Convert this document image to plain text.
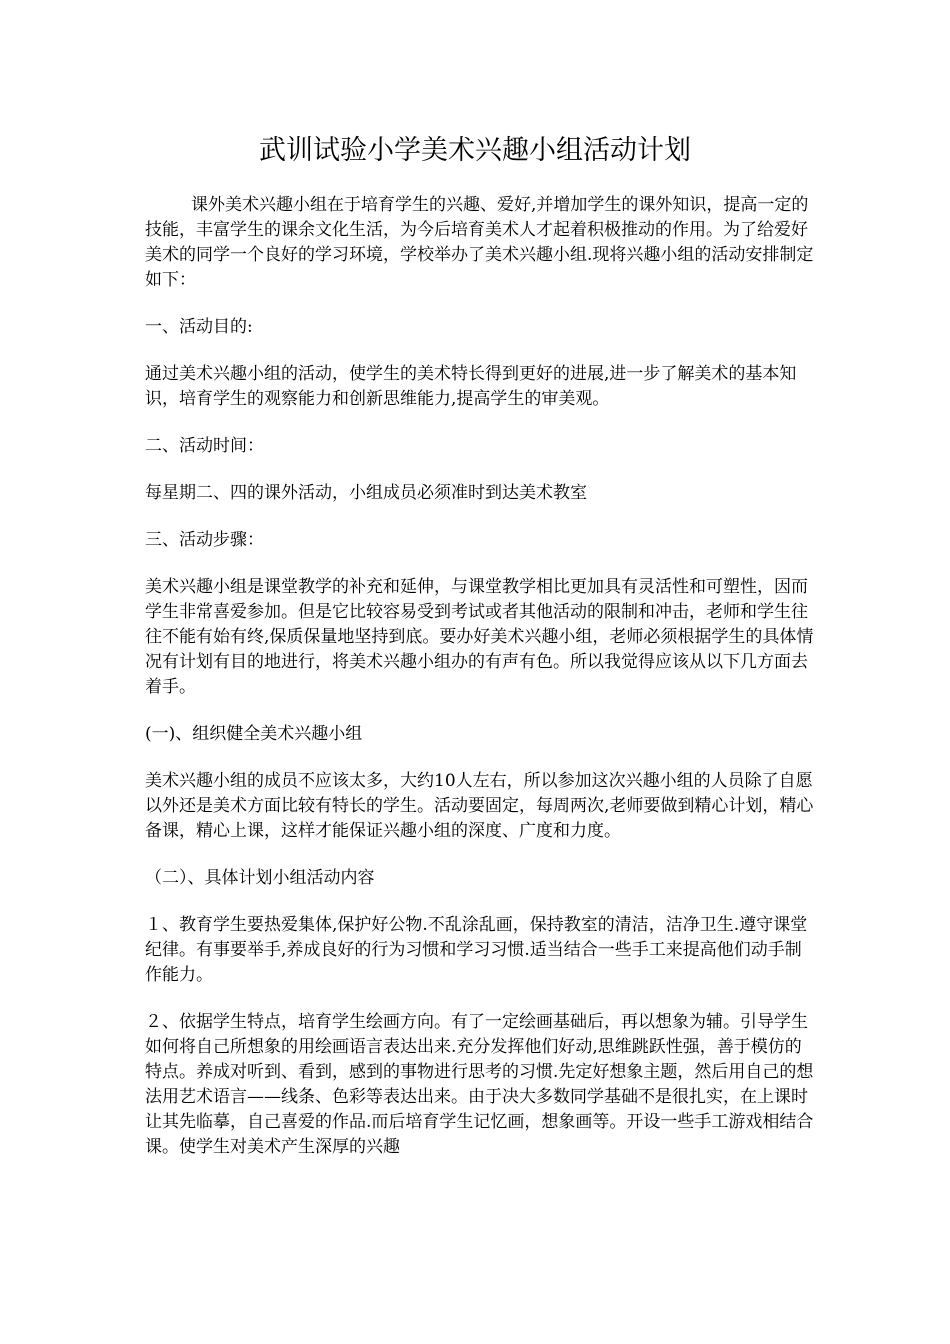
武训试验小学美术兴趣小组活动计划

课外美术兴趣小组在于培育学生的兴趣、爱好,并增加学生的课外知识，提高一定的技能，丰富学生的课余文化生活，为今后培育美术人才起着积极推动的作用。为了给爱好美术的同学一个良好的学习环境，学校举办了美术兴趣小组.现将兴趣小组的活动安排制定如下：

一、活动目的:

通过美术兴趣小组的活动，使学生的美术特长得到更好的进展,进一步了解美术的基本知识，培育学生的观察能力和创新思维能力,提高学生的审美观。

二、活动时间：

每星期二、四的课外活动，小组成员必须准时到达美术教室

三、活动步骤：

美术兴趣小组是课堂教学的补充和延伸，与课堂教学相比更加具有灵活性和可塑性，因而学生非常喜爱参加。但是它比较容易受到考试或者其他活动的限制和冲击，老师和学生往往不能有始有终,保质保量地坚持到底。要办好美术兴趣小组，老师必须根据学生的具体情况有计划有目的地进行，将美术兴趣小组办的有声有色。所以我觉得应该从以下几方面去着手。

(一)、组织健全美术兴趣小组

美术兴趣小组的成员不应该太多，大约10人左右，所以参加这次兴趣小组的人员除了自愿以外还是美术方面比较有特长的学生。活动要固定，每周两次,老师要做到精心计划，精心备课，精心上课，这样才能保证兴趣小组的深度、广度和力度。

（二）、具体计划小组活动内容

１、教育学生要热爱集体,保护好公物.不乱涂乱画，保持教室的清洁，洁净卫生.遵守课堂纪律。有事要举手,养成良好的行为习惯和学习习惯.适当结合一些手工来提高他们动手制作能力。

２、依据学生特点，培育学生绘画方向。有了一定绘画基础后，再以想象为辅。引导学生如何将自己所想象的用绘画语言表达出来.充分发挥他们好动,思维跳跃性强，善于模仿的特点。养成对听到、看到，感到的事物进行思考的习惯.先定好想象主题，然后用自己的想法用艺术语言——线条、色彩等表达出来。由于决大多数同学基础不是很扎实，在上课时让其先临摹，自己喜爱的作品.而后培育学生记忆画，想象画等。开设一些手工游戏相结合课。使学生对美术产生深厚的兴趣
